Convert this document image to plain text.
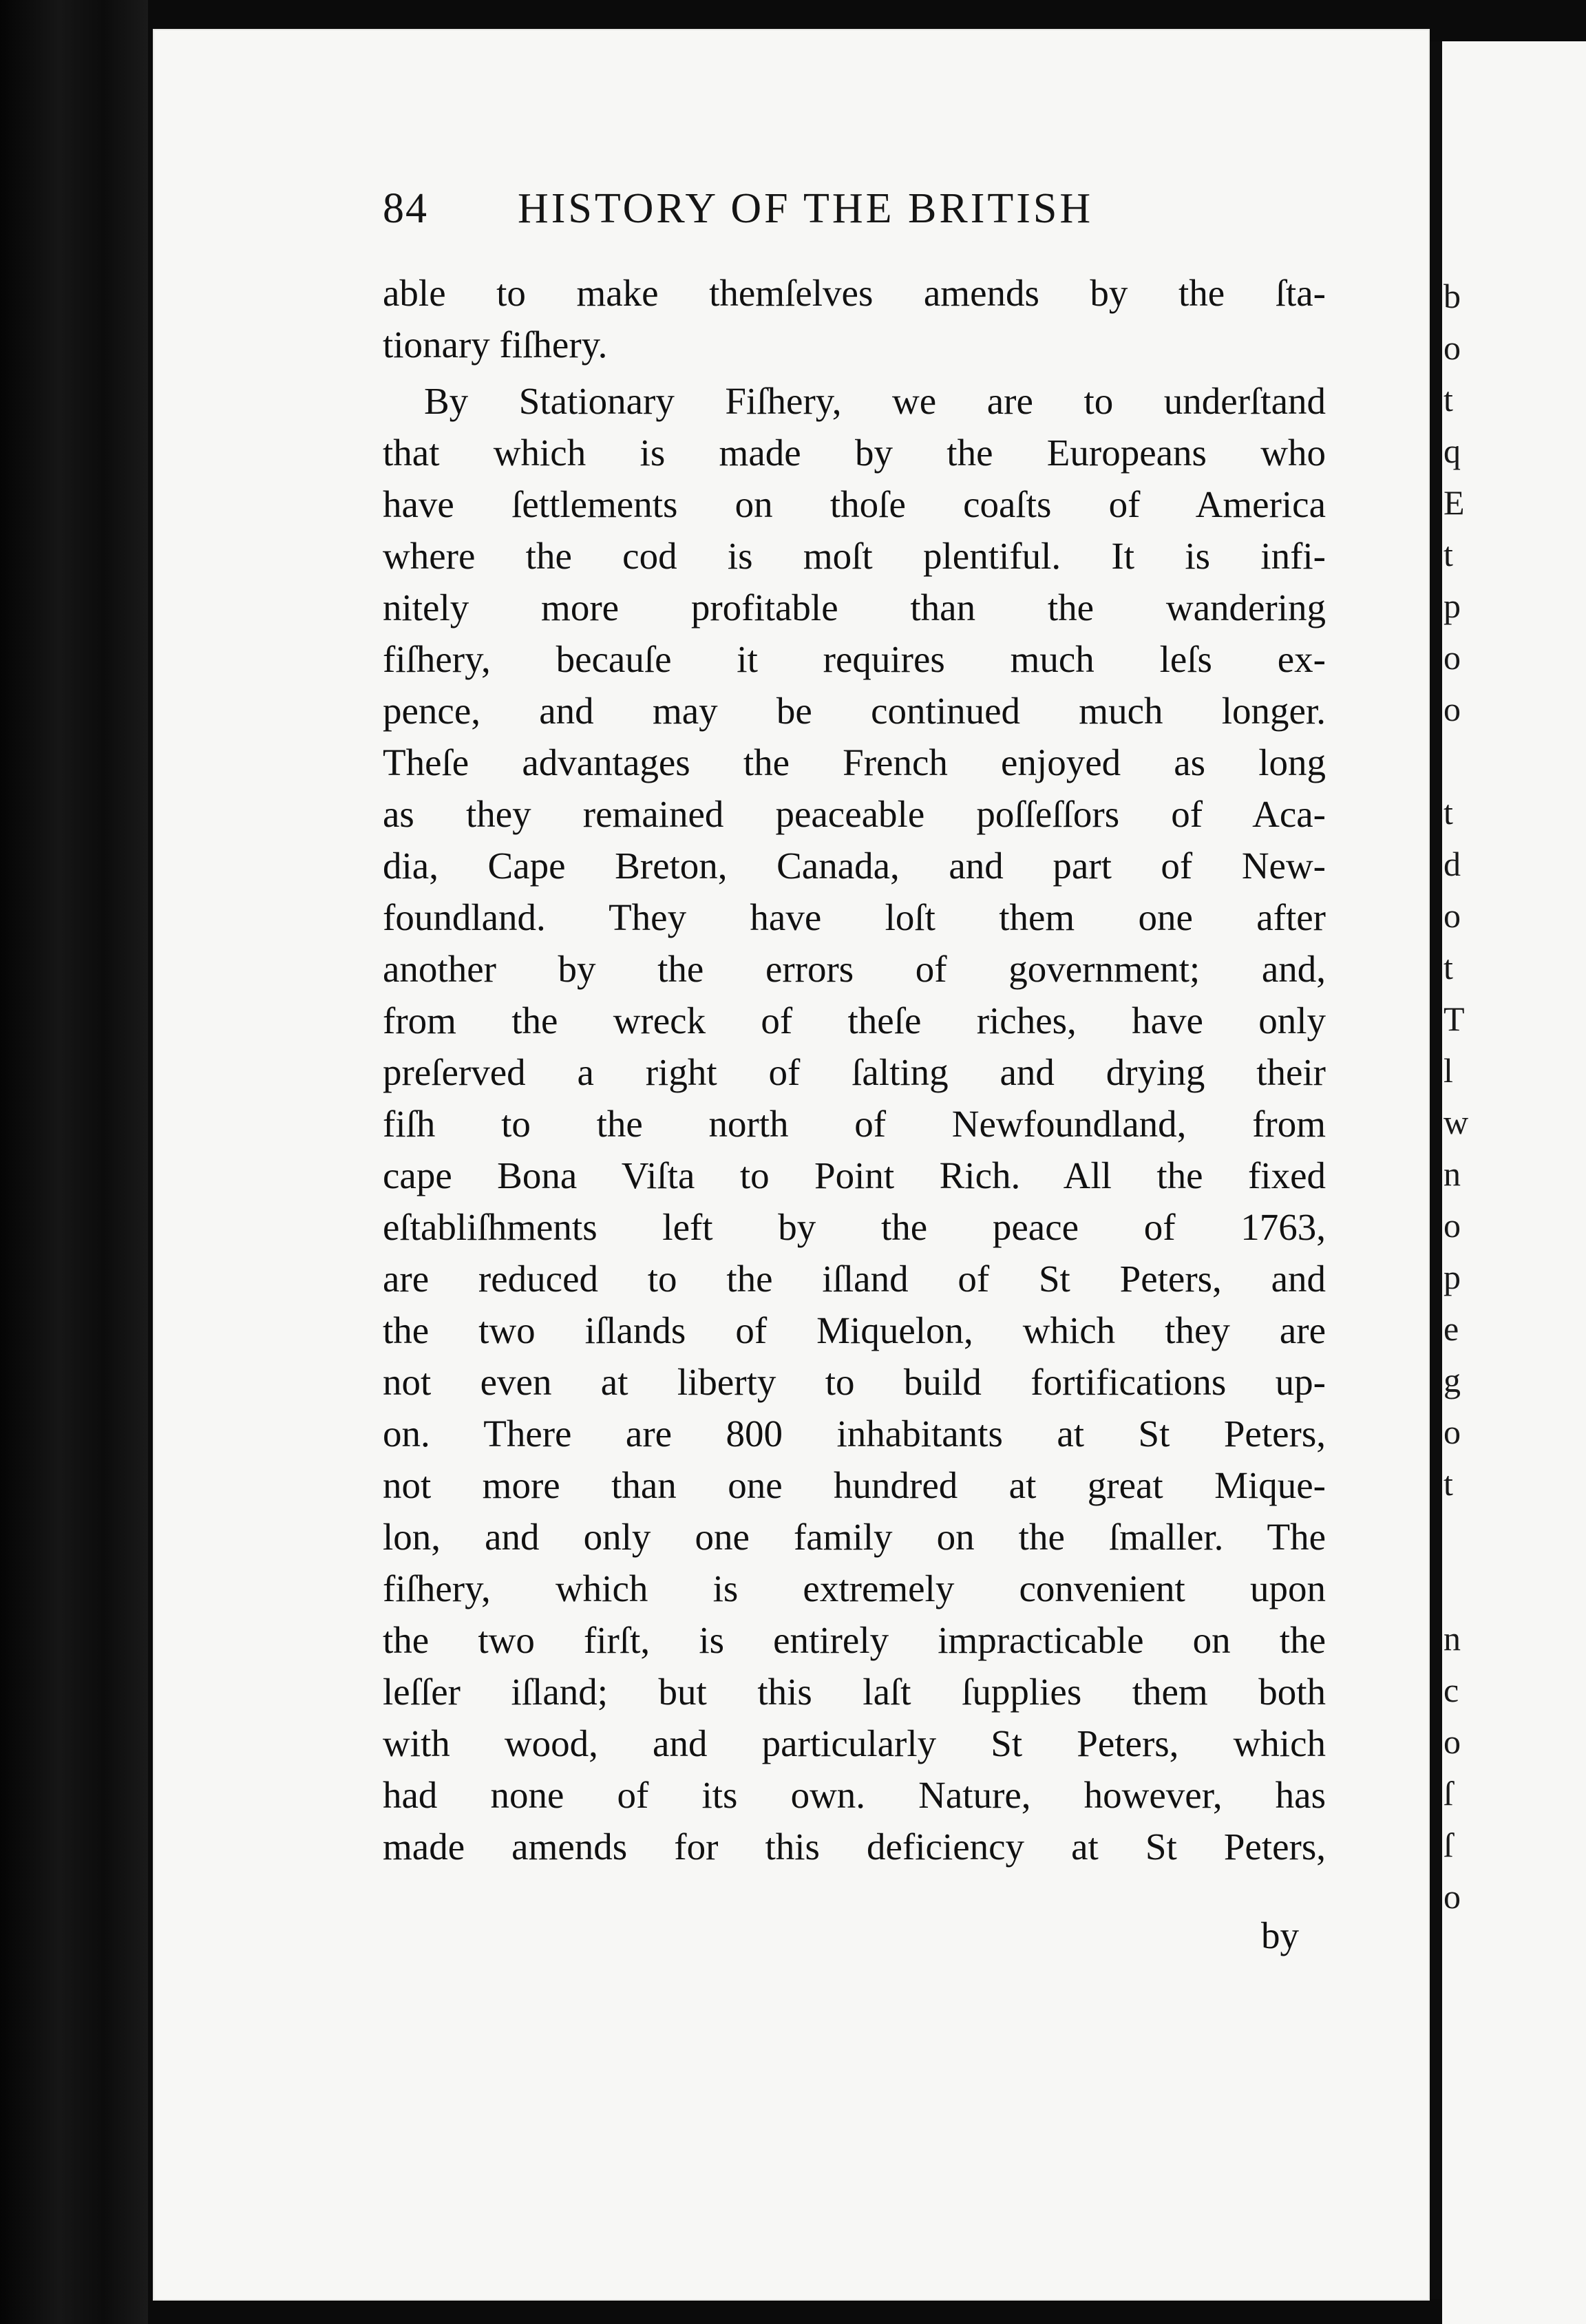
84 HISTORY OF THE BRITISH
able to make themſelves amends by the ſta-
tionary fiſhery.
By Stationary Fiſhery, we are to underſtand
that which is made by the Europeans who
have ſettlements on thoſe coaſts of America
where the cod is moſt plentiful. It is infi-
nitely more profitable than the wandering
fiſhery, becauſe it requires much leſs ex-
pence, and may be continued much longer.
Theſe advantages the French enjoyed as long
as they remained peaceable poſſeſſors of Aca-
dia, Cape Breton, Canada, and part of New-
foundland. They have loſt them one after
another by the errors of government; and,
from the wreck of theſe riches, have only
preſerved a right of ſalting and drying their
fiſh to the north of Newfoundland, from
cape Bona Viſta to Point Rich. All the fixed
eſtabliſhments left by the peace of 1763,
are reduced to the iſland of St Peters, and
the two iſlands of Miquelon, which they are
not even at liberty to build fortifications up-
on. There are 800 inhabitants at St Peters,
not more than one hundred at great Mique-
lon, and only one family on the ſmaller. The
fiſhery, which is extremely convenient upon
the two firſt, is entirely impracticable on the
leſſer iſland; but this laſt ſupplies them both
with wood, and particularly St Peters, which
had none of its own. Nature, however, has
made amends for this deficiency at St Peters,
by
b
o
t
q
E
t
p
o
o
t
d
o
t
T
l
w
n
o
p
e
g
o
t
n
c
o
ſ
ſ
o
